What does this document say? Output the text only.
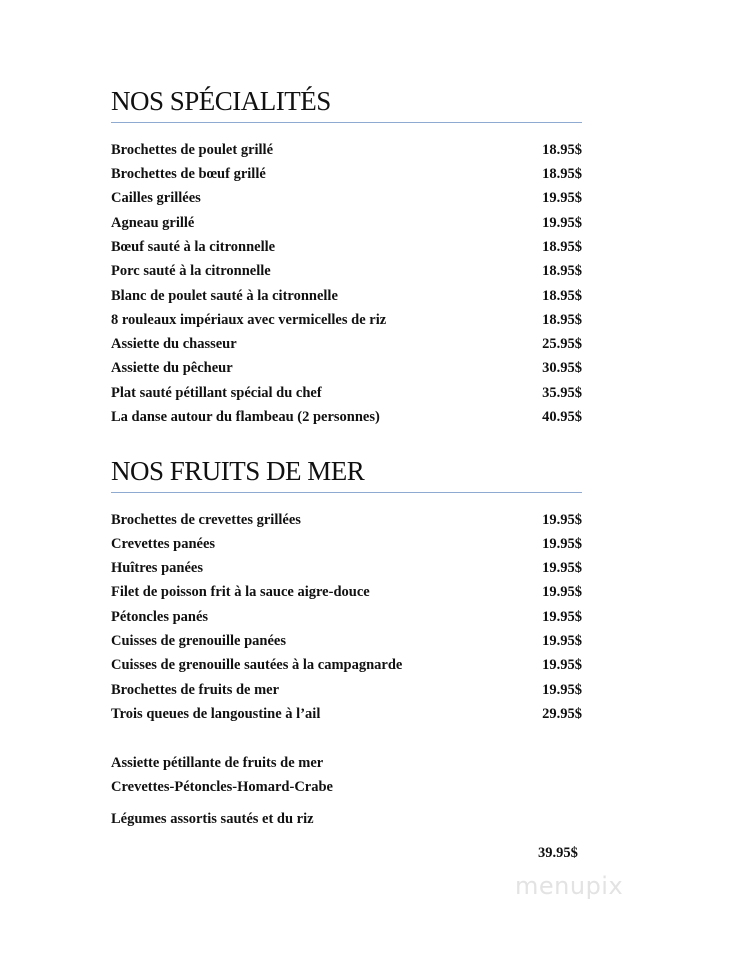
NOS SPÉCIALITÉS
Brochettes de poulet grillé	18.95$
Brochettes de bœuf grillé	18.95$
Cailles grillées	19.95$
Agneau grillé	19.95$
Bœuf sauté à la citronnelle	18.95$
Porc sauté à la citronnelle	18.95$
Blanc de poulet sauté à la citronnelle	18.95$
8 rouleaux impériaux avec vermicelles de riz	18.95$
Assiette du chasseur	25.95$
Assiette du pêcheur	30.95$
Plat sauté pétillant spécial du chef	35.95$
La danse autour du flambeau (2 personnes)	40.95$
NOS FRUITS DE MER
Brochettes de crevettes grillées	19.95$
Crevettes panées	19.95$
Huîtres panées	19.95$
Filet de poisson frit à la sauce aigre-douce	19.95$
Pétoncles panés	19.95$
Cuisses de grenouille panées	19.95$
Cuisses de grenouille sautées à la campagnarde	19.95$
Brochettes de fruits de mer	19.95$
Trois queues de langoustine à l’ail	29.95$
Assiette pétillante de fruits de mer
Crevettes-Pétoncles-Homard-Crabe
Légumes assortis sautés et du riz
39.95$
menupix
